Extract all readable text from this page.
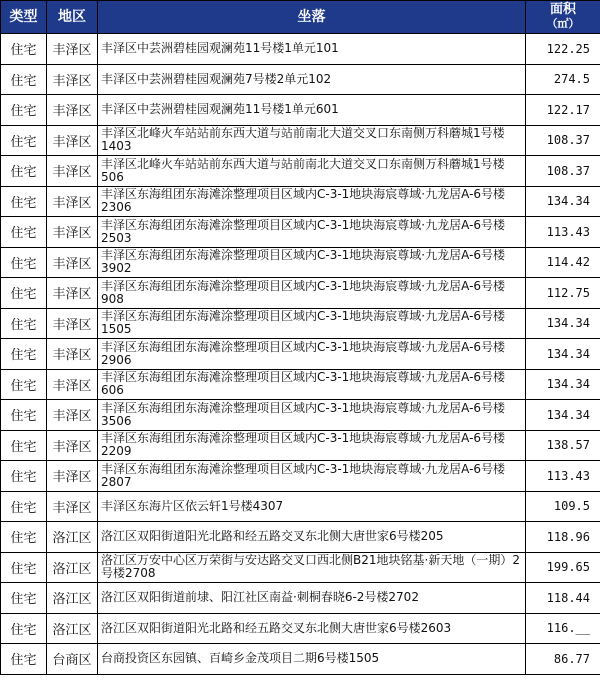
类型	地区	坐落	面积
（㎡）

住宅	丰泽区	丰泽区中芸洲碧桂园观澜苑11号楼1单元101	122.25
住宅	丰泽区	丰泽区中芸洲碧桂园观澜苑7号楼2单元102	274.5
住宅	丰泽区	丰泽区中芸洲碧桂园观澜苑11号楼1单元601	122.17
住宅	丰泽区	丰泽区北峰火车站站前东西大道与站前南北大道交叉口东南侧万科蘑城1号楼1403	108.37
住宅	丰泽区	丰泽区北峰火车站站前东西大道与站前南北大道交叉口东南侧万科蘑城1号楼506	108.37
住宅	丰泽区	丰泽区东海组团东海滩涂整理项目区域内C-3-1地块海宸尊域·九龙居A-6号楼2306	134.34
住宅	丰泽区	丰泽区东海组团东海滩涂整理项目区域内C-3-1地块海宸尊域·九龙居A-6号楼2503	113.43
住宅	丰泽区	丰泽区东海组团东海滩涂整理项目区域内C-3-1地块海宸尊域·九龙居A-6号楼3902	114.42
住宅	丰泽区	丰泽区东海组团东海滩涂整理项目区域内C-3-1地块海宸尊域·九龙居A-6号楼908	112.75
住宅	丰泽区	丰泽区东海组团东海滩涂整理项目区域内C-3-1地块海宸尊域·九龙居A-6号楼1505	134.34
住宅	丰泽区	丰泽区东海组团东海滩涂整理项目区域内C-3-1地块海宸尊域·九龙居A-6号楼2906	134.34
住宅	丰泽区	丰泽区东海组团东海滩涂整理项目区域内C-3-1地块海宸尊域·九龙居A-6号楼606	134.34
住宅	丰泽区	丰泽区东海组团东海滩涂整理项目区域内C-3-1地块海宸尊域·九龙居A-6号楼3506	134.34
住宅	丰泽区	丰泽区东海组团东海滩涂整理项目区域内C-3-1地块海宸尊域·九龙居A-6号楼2209	138.57
住宅	丰泽区	丰泽区东海组团东海滩涂整理项目区域内C-3-1地块海宸尊域·九龙居A-6号楼2807	113.43
住宅	丰泽区	丰泽区东海片区依云轩1号楼4307	109.5
住宅	洛江区	洛江区双阳街道阳光北路和经五路交叉东北侧大唐世家6号楼205	118.96
住宅	洛江区	洛江区万安中心区万荣街与安达路交叉口西北侧B21地块铭基·新天地（一期）2号楼2708	199.65
住宅	洛江区	洛江区双阳街道前埭、阳江社区南益·刺桐春晓6-2号楼2702	118.44
住宅	洛江区	洛江区双阳街道阳光北路和经五路交叉东北侧大唐世家6号楼2603	116.__
住宅	台商区	台商投资区东园镇、百崎乡金茂项目二期6号楼1505	86.77
